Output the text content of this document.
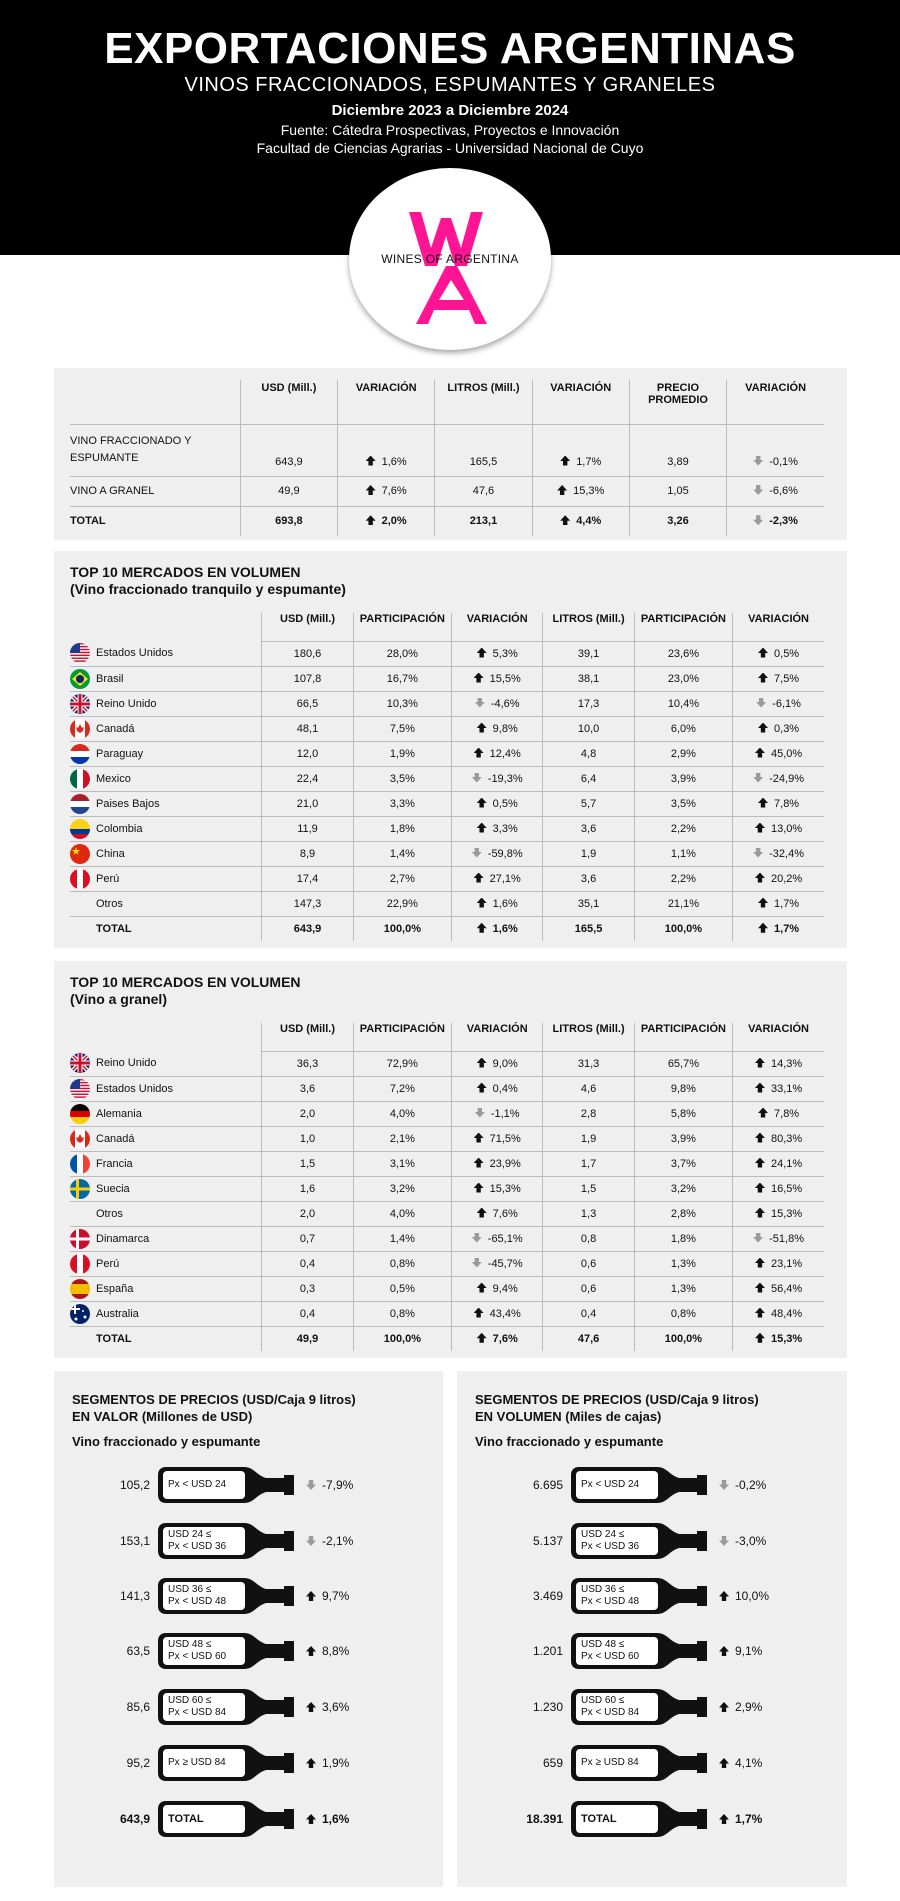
EXPORTACIONES ARGENTINAS
VINOS FRACCIONADOS, ESPUMANTES Y GRANELES
Diciembre 2023 a Diciembre 2024
Fuente: Cátedra Prospectivas, Proyectos e Innovación
Facultad de Ciencias Agrarias - Universidad Nacional de Cuyo
WINES OF ARGENTINA
	USD (Mill.)	VARIACIÓN	LITROS (Mill.)	VARIACIÓN	PRECIO PROMEDIO	VARIACIÓN
VINO FRACCIONADO Y ESPUMANTE	643,9	1,6%	165,5	1,7%	3,89	-0,1%
VINO A GRANEL	49,9	7,6%	47,6	15,3%	1,05	-6,6%
TOTAL	693,8	2,0%	213,1	4,4%	3,26	-2,3%
TOP 10 MERCADOS EN VOLUMEN
(Vino fraccionado tranquilo y espumante)
	USD (Mill.)	PARTICIPACIÓN	VARIACIÓN	LITROS (Mill.)	PARTICIPACIÓN	VARIACIÓN
Estados Unidos	180,6	28,0%	5,3%	39,1	23,6%	0,5%
Brasil	107,8	16,7%	15,5%	38,1	23,0%	7,5%
Reino Unido	66,5	10,3%	-4,6%	17,3	10,4%	-6,1%
Canadá	48,1	7,5%	9,8%	10,0	6,0%	0,3%
Paraguay	12,0	1,9%	12,4%	4,8	2,9%	45,0%
Mexico	22,4	3,5%	-19,3%	6,4	3,9%	-24,9%
Paises Bajos	21,0	3,3%	0,5%	5,7	3,5%	7,8%
Colombia	11,9	1,8%	3,3%	3,6	2,2%	13,0%
China	8,9	1,4%	-59,8%	1,9	1,1%	-32,4%
Perú	17,4	2,7%	27,1%	3,6	2,2%	20,2%
Otros	147,3	22,9%	1,6%	35,1	21,1%	1,7%
TOTAL	643,9	100,0%	1,6%	165,5	100,0%	1,7%
TOP 10 MERCADOS EN VOLUMEN
(Vino a granel)
	USD (Mill.)	PARTICIPACIÓN	VARIACIÓN	LITROS (Mill.)	PARTICIPACIÓN	VARIACIÓN
Reino Unido	36,3	72,9%	9,0%	31,3	65,7%	14,3%
Estados Unidos	3,6	7,2%	0,4%	4,6	9,8%	33,1%
Alemania	2,0	4,0%	-1,1%	2,8	5,8%	7,8%
Canadá	1,0	2,1%	71,5%	1,9	3,9%	80,3%
Francia	1,5	3,1%	23,9%	1,7	3,7%	24,1%
Suecia	1,6	3,2%	15,3%	1,5	3,2%	16,5%
Otros	2,0	4,0%	7,6%	1,3	2,8%	15,3%
Dinamarca	0,7	1,4%	-65,1%	0,8	1,8%	-51,8%
Perú	0,4	0,8%	-45,7%	0,6	1,3%	23,1%
España	0,3	0,5%	9,4%	0,6	1,3%	56,4%
Australia	0,4	0,8%	43,4%	0,4	0,8%	48,4%
TOTAL	49,9	100,0%	7,6%	47,6	100,0%	15,3%
SEGMENTOS DE PRECIOS (USD/Caja 9 litros)
EN VALOR (Millones de USD)
Vino fraccionado y espumante
105,2 Px < USD 24	-7,9%
153,1 USD 24 ≤
Px < USD 36	-2,1%
141,3 USD 36 ≤
Px < USD 48	9,7%
63,5 USD 48 ≤
Px < USD 60	8,8%
85,6 USD 60 ≤
Px < USD 84	3,6%
95,2 Px ≥ USD 84	1,9%
643,9 TOTAL	1,6%
SEGMENTOS DE PRECIOS (USD/Caja 9 litros)
EN VOLUMEN (Miles de cajas)
Vino fraccionado y espumante
6.695 Px < USD 24	-0,2%
5.137 USD 24 ≤
Px < USD 36	-3,0%
3.469 USD 36 ≤
Px < USD 48	10,0%
1.201 USD 48 ≤
Px < USD 60	9,1%
1.230 USD 60 ≤
Px < USD 84	2,9%
659 Px ≥ USD 84	4,1%
18.391 TOTAL	1,7%
